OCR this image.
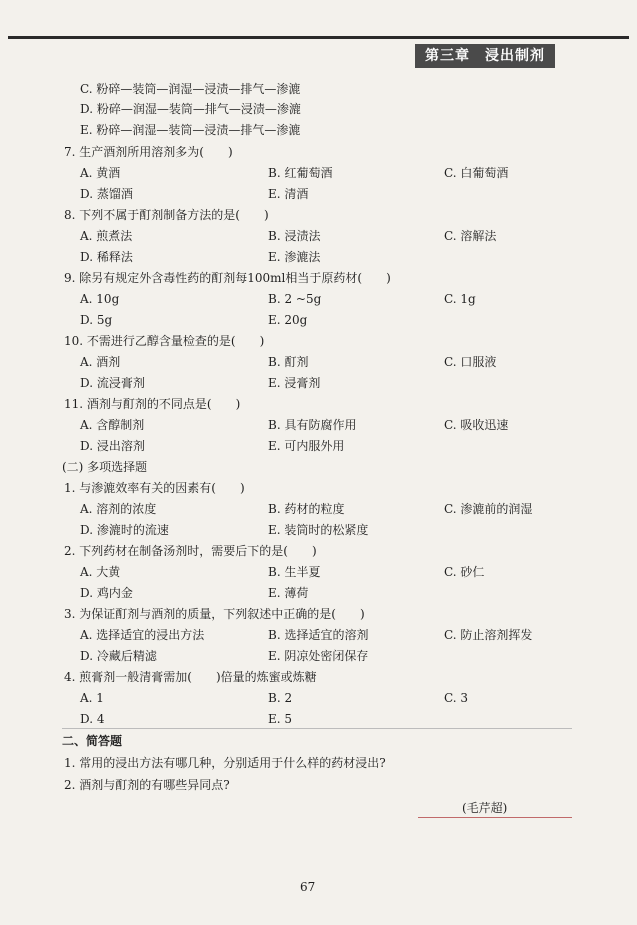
第三章　浸出制剂
C. 粉碎—装筒—润湿—浸渍—排气—渗漉
D. 粉碎—润湿—装筒—排气—浸渍—渗漉
E. 粉碎—润湿—装筒—浸渍—排气—渗漉
7. 生产酒剂所用溶剂多为(　　)
A. 黄酒	B. 红葡萄酒	C. 白葡萄酒
D. 蒸馏酒	E. 清酒
8. 下列不属于酊剂制备方法的是(　　)
A. 煎煮法	B. 浸渍法	C. 溶解法
D. 稀释法	E. 渗漉法
9. 除另有规定外含毒性药的酊剂每100ml相当于原药材(　　)
A. 10g	B. 2 ~5g	C. 1g
D. 5g	E. 20g
10. 不需进行乙醇含量检查的是(　　)
A. 酒剂	B. 酊剂	C. 口服液
D. 流浸膏剂	E. 浸膏剂
11. 酒剂与酊剂的不同点是(　　)
A. 含醇制剂	B. 具有防腐作用	C. 吸收迅速
D. 浸出溶剂	E. 可内服外用
(二) 多项选择题
1. 与渗漉效率有关的因素有(　　)
A. 溶剂的浓度	B. 药材的粒度	C. 渗漉前的润湿
D. 渗漉时的流速	E. 装筒时的松紧度
2. 下列药材在制备汤剂时，需要后下的是(　　)
A. 大黄	B. 生半夏	C. 砂仁
D. 鸡内金	E. 薄荷
3. 为保证酊剂与酒剂的质量，下列叙述中正确的是(　　)
A. 选择适宜的浸出方法	B. 选择适宜的溶剂	C. 防止溶剂挥发
D. 冷藏后精滤	E. 阴凉处密闭保存
4. 煎膏剂一般清膏需加(　　)倍量的炼蜜或炼糖
A. 1	B. 2	C. 3
D. 4	E. 5
二、简答题
1. 常用的浸出方法有哪几种，分别适用于什么样的药材浸出?
2. 酒剂与酊剂的有哪些异同点?
(毛芹超)
67
